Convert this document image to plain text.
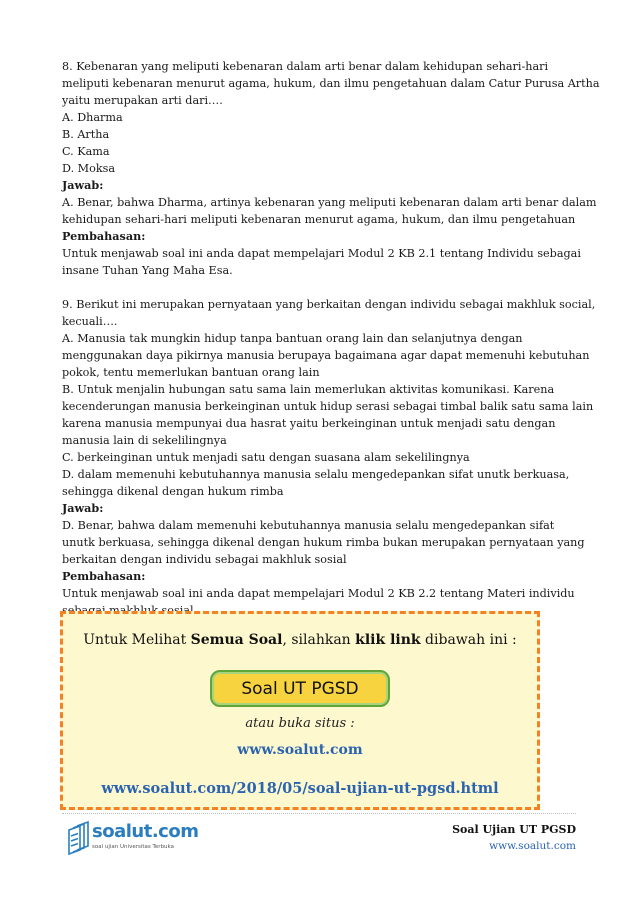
8. Kebenaran yang meliputi kebenaran dalam arti benar dalam kehidupan sehari-hari
meliputi kebenaran menurut agama, hukum, dan ilmu pengetahuan dalam Catur Purusa Artha
yaitu merupakan arti dari….
A. Dharma
B. Artha
C. Kama
D. Moksa
Jawab:
A. Benar, bahwa Dharma, artinya kebenaran yang meliputi kebenaran dalam arti benar dalam
kehidupan sehari-hari meliputi kebenaran menurut agama, hukum, dan ilmu pengetahuan
Pembahasan:
Untuk menjawab soal ini anda dapat mempelajari Modul 2 KB 2.1 tentang Individu sebagai
insane Tuhan Yang Maha Esa.
9. Berikut ini merupakan pernyataan yang berkaitan dengan individu sebagai makhluk social,
kecuali….
A. Manusia tak mungkin hidup tanpa bantuan orang lain dan selanjutnya dengan
menggunakan daya pikirnya manusia berupaya bagaimana agar dapat memenuhi kebutuhan
pokok, tentu memerlukan bantuan orang lain
B. Untuk menjalin hubungan satu sama lain memerlukan aktivitas komunikasi. Karena
kecenderungan manusia berkeinginan untuk hidup serasi sebagai timbal balik satu sama lain
karena manusia mempunyai dua hasrat yaitu berkeinginan untuk menjadi satu dengan
manusia lain di sekelilingnya
C. berkeinginan untuk menjadi satu dengan suasana alam sekelilingnya
D. dalam memenuhi kebutuhannya manusia selalu mengedepankan sifat unutk berkuasa,
sehingga dikenal dengan hukum rimba
Jawab:
D. Benar, bahwa dalam memenuhi kebutuhannya manusia selalu mengedepankan sifat
unutk berkuasa, sehingga dikenal dengan hukum rimba bukan merupakan pernyataan yang
berkaitan dengan individu sebagai makhluk sosial
Pembahasan:
Untuk menjawab soal ini anda dapat mempelajari Modul 2 KB 2.2 tentang Materi individu
Untuk Melihat Semua Soal, silahkan klik link dibawah ini :
Soal UT PGSD
atau buka situs :
www.soalut.com
www.soalut.com/2018/05/soal-ujian-ut-pgsd.html
soalut.com
soal ujian Universitas Terbuka
Soal Ujian UT PGSD
www.soalut.com
